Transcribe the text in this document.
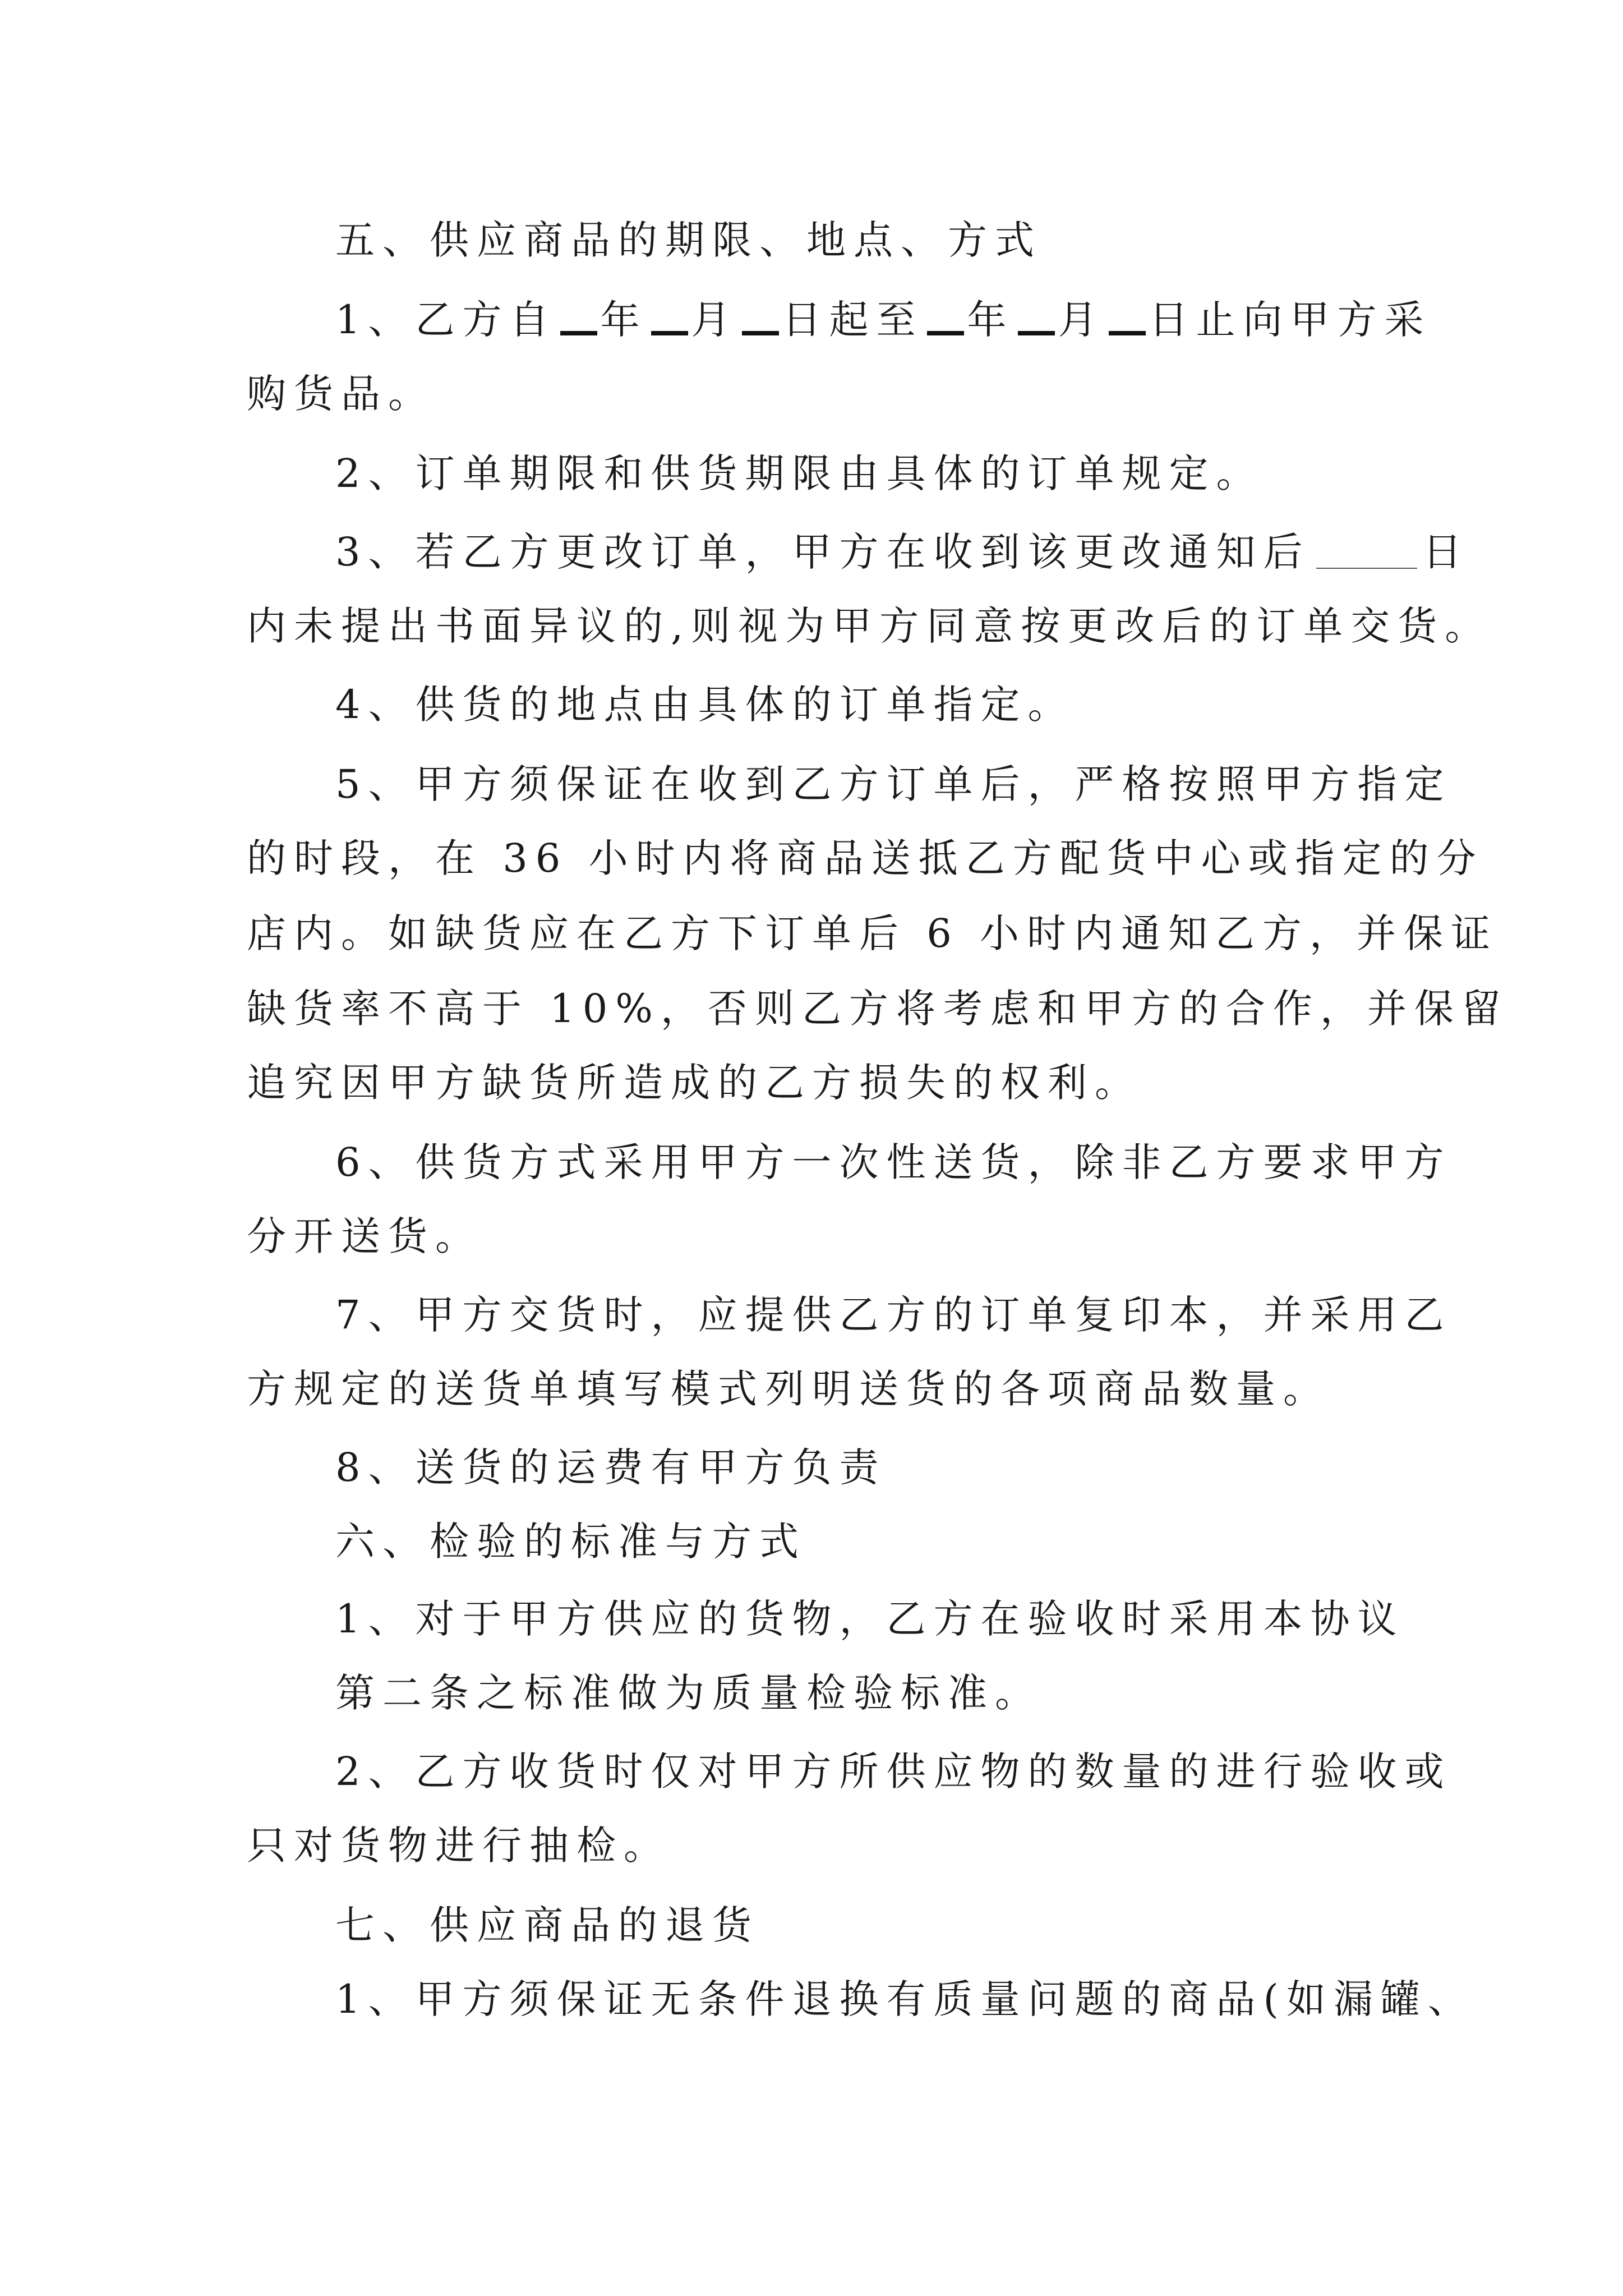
五、供应商品的期限、地点、方式
1、乙方自 年 月 日起至 年 月 日止向甲方采
购货品。
2、订单期限和供货期限由具体的订单规定。
3、若乙方更改订单，甲方在收到该更改通知后	日
内未提出书面异议的,则视为甲方同意按更改后的订单交货。
4、供货的地点由具体的订单指定。
5、甲方须保证在收到乙方订单后，严格按照甲方指定
的时段，在 36 小时内将商品送抵乙方配货中心或指定的分
店内。如缺货应在乙方下订单后 6 小时内通知乙方，并保证
缺货率不高于 10%，否则乙方将考虑和甲方的合作，并保留
追究因甲方缺货所造成的乙方损失的权利。
6、供货方式采用甲方一次性送货，除非乙方要求甲方
分开送货。
7、甲方交货时，应提供乙方的订单复印本，并采用乙
方规定的送货单填写模式列明送货的各项商品数量。
8、送货的运费有甲方负责
六、检验的标准与方式
1、对于甲方供应的货物，乙方在验收时采用本协议
第二条之标准做为质量检验标准。
2、乙方收货时仅对甲方所供应物的数量的进行验收或
只对货物进行抽检。
七、供应商品的退货
1、甲方须保证无条件退换有质量问题的商品(如漏罐、
